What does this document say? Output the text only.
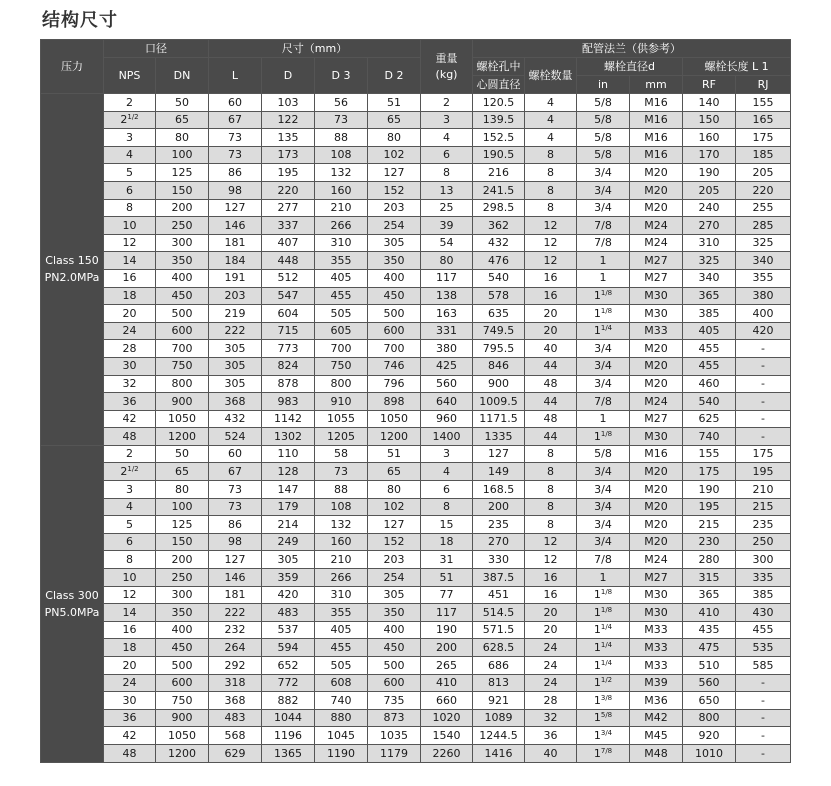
结构尺寸
压力	口径		尺寸（mm）				重量
(kg)	配管法兰（供参考）					
	NPS	DN	L	D	D 3	D 2		螺栓孔中	螺栓数量	螺栓直径d		螺栓长度 L 1	
								心圆直径		in	mm	RF	RJ

Class 150
PN2.0MPa	2	50	60	103	56	51	2	120.5	4	5/8	M16	140	155
	$2^{1/2}$	65	67	122	73	65	3	139.5	4	5/8	M16	150	165
	3	80	73	135	88	80	4	152.5	4	5/8	M16	160	175
	4	100	73	173	108	102	6	190.5	8	5/8	M16	170	185
	5	125	86	195	132	127	8	216	8	3/4	M20	190	205
	6	150	98	220	160	152	13	241.5	8	3/4	M20	205	220
	8	200	127	277	210	203	25	298.5	8	3/4	M20	240	255
	10	250	146	337	266	254	39	362	12	7/8	M24	270	285
	12	300	181	407	310	305	54	432	12	7/8	M24	310	325
	14	350	184	448	355	350	80	476	12	1	M27	325	340
	16	400	191	512	405	400	117	540	16	1	M27	340	355
	18	450	203	547	455	450	138	578	16	$1^{1/8}$	M30	365	380
	20	500	219	604	505	500	163	635	20	$1^{1/8}$	M30	385	400
	24	600	222	715	605	600	331	749.5	20	$1^{1/4}$	M33	405	420
	28	700	305	773	700	700	380	795.5	40	3/4	M20	455	-
	30	750	305	824	750	746	425	846	44	3/4	M20	455	-
	32	800	305	878	800	796	560	900	48	3/4	M20	460	-
	36	900	368	983	910	898	640	1009.5	44	7/8	M24	540	-
	42	1050	432	1142	1055	1050	960	1171.5	48	1	M27	625	-
	48	1200	524	1302	1205	1200	1400	1335	44	$1^{1/8}$	M30	740	-

Class 300
PN5.0MPa	2	50	60	110	58	51	3	127	8	5/8	M16	155	175
	$2^{1/2}$	65	67	128	73	65	4	149	8	3/4	M20	175	195
	3	80	73	147	88	80	6	168.5	8	3/4	M20	190	210
	4	100	73	179	108	102	8	200	8	3/4	M20	195	215
	5	125	86	214	132	127	15	235	8	3/4	M20	215	235
	6	150	98	249	160	152	18	270	12	3/4	M20	230	250
	8	200	127	305	210	203	31	330	12	7/8	M24	280	300
	10	250	146	359	266	254	51	387.5	16	1	M27	315	335
	12	300	181	420	310	305	77	451	16	$1^{1/8}$	M30	365	385
	14	350	222	483	355	350	117	514.5	20	$1^{1/8}$	M30	410	430
	16	400	232	537	405	400	190	571.5	20	$1^{1/4}$	M33	435	455
	18	450	264	594	455	450	200	628.5	24	$1^{1/4}$	M33	475	535
	20	500	292	652	505	500	265	686	24	$1^{1/4}$	M33	510	585
	24	600	318	772	608	600	410	813	24	$1^{1/2}$	M39	560	-
	30	750	368	882	740	735	660	921	28	$1^{3/8}$	M36	650	-
	36	900	483	1044	880	873	1020	1089	32	$1^{5/8}$	M42	800	-
	42	1050	568	1196	1045	1035	1540	1244.5	36	$1^{3/4}$	M45	920	-
	48	1200	629	1365	1190	1179	2260	1416	40	$1^{7/8}$	M48	1010	-
